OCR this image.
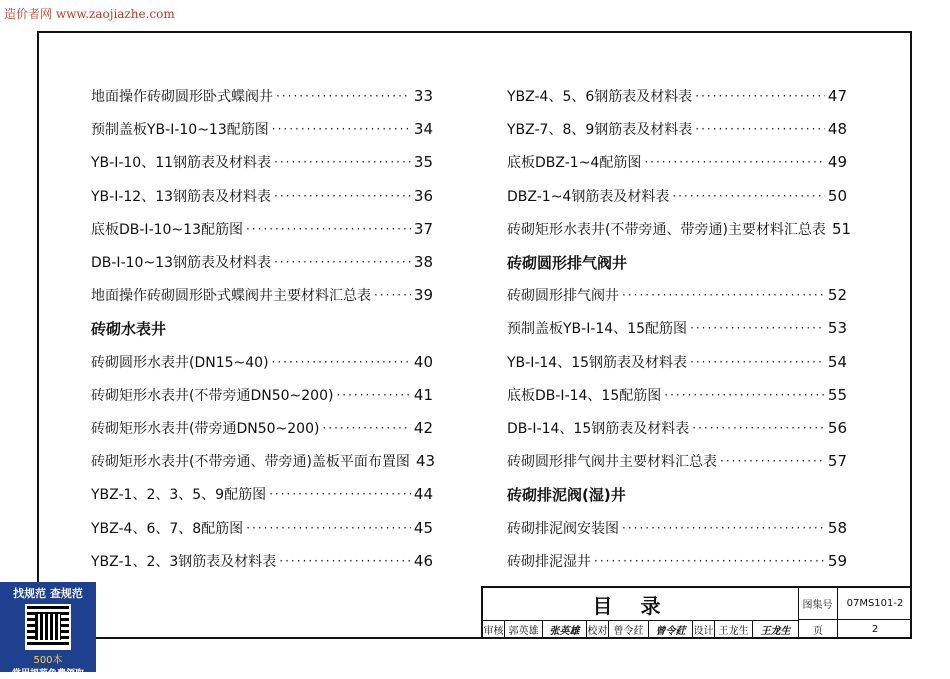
造价者网 www.zaojiazhe.com
地面操作砖砌圆形卧式蝶阀井 ·····	33
预制盖板YB-Ⅰ-10~13配筋图 ·····	34
YB-Ⅰ-10、11钢筋表及材料表 ·····	35
YB-Ⅰ-12、13钢筋表及材料表 ·····	36
底板DB-Ⅰ-10~13配筋图 ·····	37
DB-Ⅰ-10~13钢筋表及材料表 ·····	38
地面操作砖砌圆形卧式蝶阀井主要材料汇总表 ·····	39
砖砌水表井
砖砌圆形水表井(DN15~40) ·····	40
砖砌矩形水表井(不带旁通DN50~200) ·····	41
砖砌矩形水表井(带旁通DN50~200) ·····	42
砖砌矩形水表井(不带旁通、带旁通)盖板平面布置图 43
YBZ-1、2、3、5、9配筋图 ·····	44
YBZ-4、6、7、8配筋图 ·····	45
YBZ-1、2、3钢筋表及材料表 ·····	46
YBZ-4、5、6钢筋表及材料表 ·····	47
YBZ-7、8、9钢筋表及材料表 ·····	48
底板DBZ-1~4配筋图 ·····	49
DBZ-1~4钢筋表及材料表 ·····	50
砖砌矩形水表井(不带旁通、带旁通)主要材料汇总表 51
砖砌圆形排气阀井
砖砌圆形排气阀井 ·····	52
预制盖板YB-Ⅰ-14、15配筋图 ·····	53
YB-Ⅰ-14、15钢筋表及材料表 ·····	54
底板DB-Ⅰ-14、15配筋图 ·····	55
DB-Ⅰ-14、15钢筋表及材料表 ·····	56
砖砌圆形排气阀井主要材料汇总表 ·····	57
砖砌排泥阀(湿)井
砖砌排泥阀安装图 ·····	58
砖砌排泥湿井 ·····	59
目录	图集号	07MS101-2
审核 郭英雄	张英雄 校对 曾令荭	曾令荭 设计 王龙生	王龙生	页	2
找规范 查规范
500本
常用规范免费领取
